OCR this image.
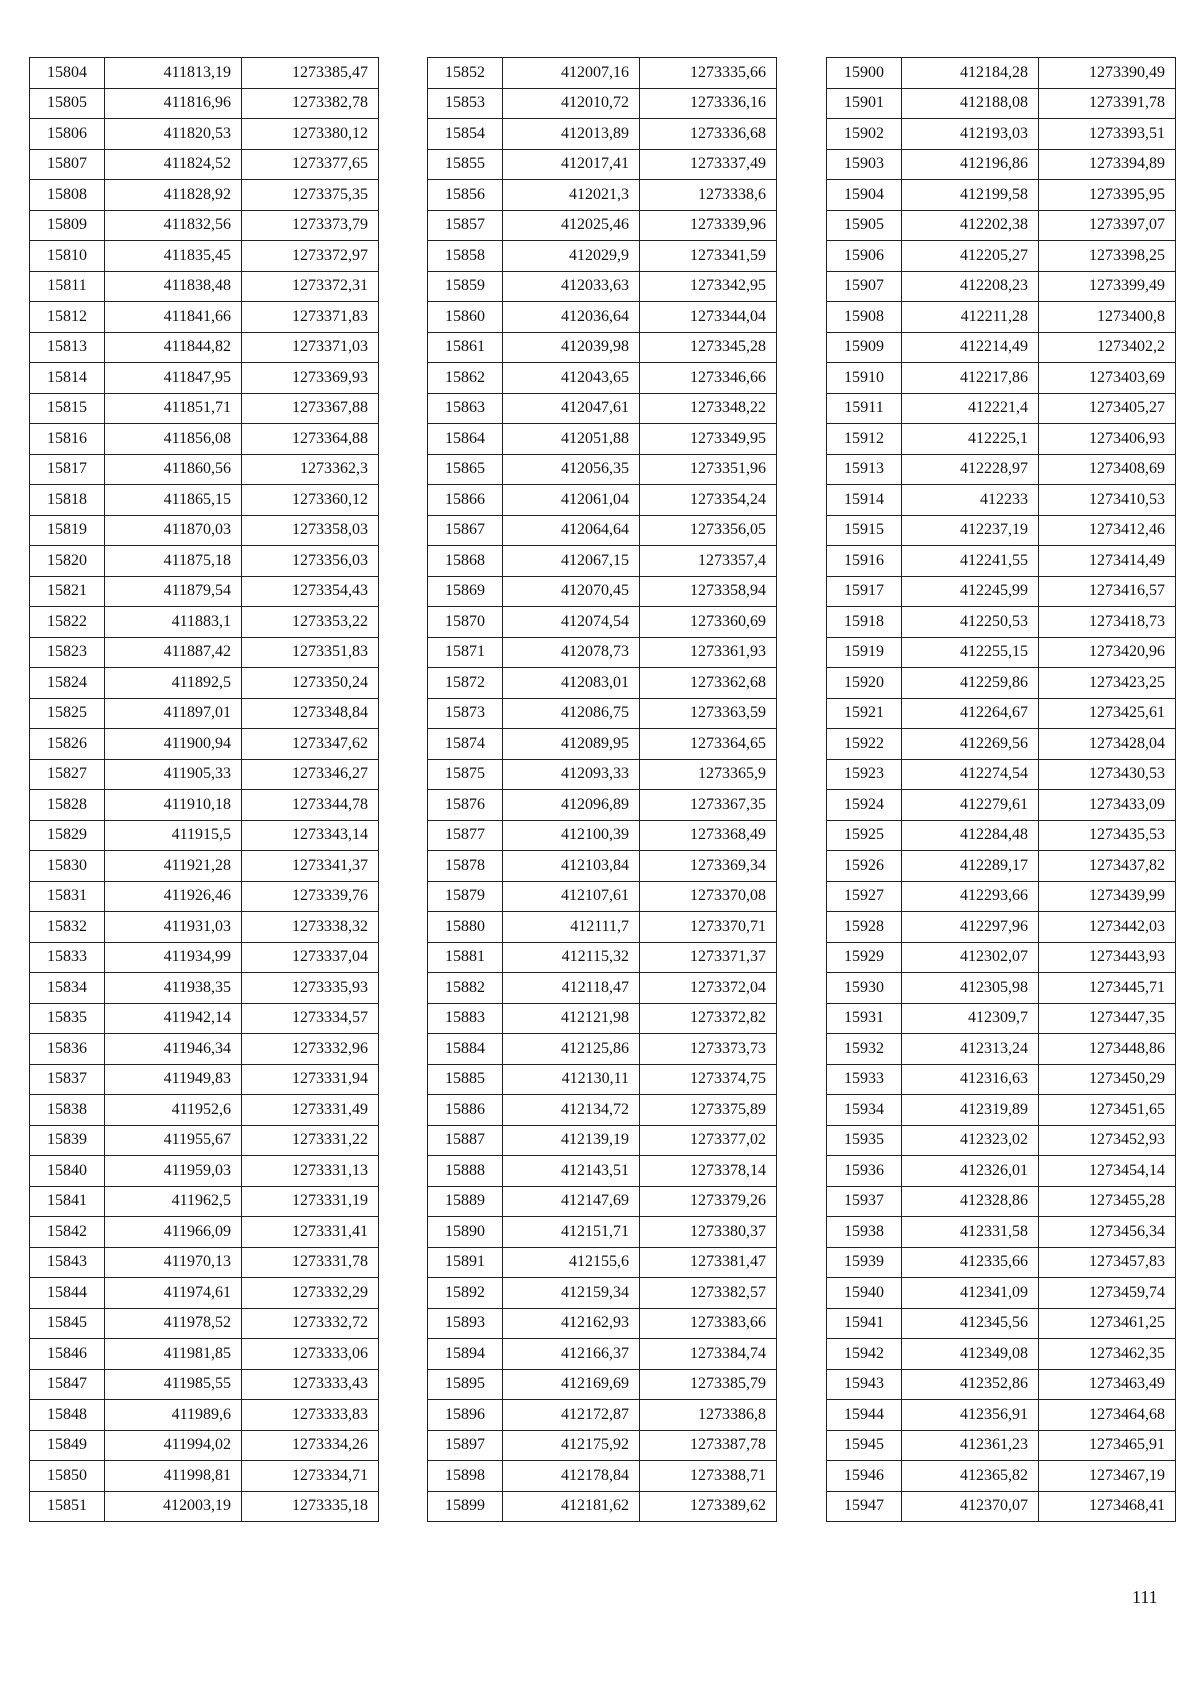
15804	411813,19	1273385,47
15805	411816,96	1273382,78
15806	411820,53	1273380,12
15807	411824,52	1273377,65
15808	411828,92	1273375,35
15809	411832,56	1273373,79
15810	411835,45	1273372,97
15811	411838,48	1273372,31
15812	411841,66	1273371,83
15813	411844,82	1273371,03
15814	411847,95	1273369,93
15815	411851,71	1273367,88
15816	411856,08	1273364,88
15817	411860,56	1273362,3
15818	411865,15	1273360,12
15819	411870,03	1273358,03
15820	411875,18	1273356,03
15821	411879,54	1273354,43
15822	411883,1	1273353,22
15823	411887,42	1273351,83
15824	411892,5	1273350,24
15825	411897,01	1273348,84
15826	411900,94	1273347,62
15827	411905,33	1273346,27
15828	411910,18	1273344,78
15829	411915,5	1273343,14
15830	411921,28	1273341,37
15831	411926,46	1273339,76
15832	411931,03	1273338,32
15833	411934,99	1273337,04
15834	411938,35	1273335,93
15835	411942,14	1273334,57
15836	411946,34	1273332,96
15837	411949,83	1273331,94
15838	411952,6	1273331,49
15839	411955,67	1273331,22
15840	411959,03	1273331,13
15841	411962,5	1273331,19
15842	411966,09	1273331,41
15843	411970,13	1273331,78
15844	411974,61	1273332,29
15845	411978,52	1273332,72
15846	411981,85	1273333,06
15847	411985,55	1273333,43
15848	411989,6	1273333,83
15849	411994,02	1273334,26
15850	411998,81	1273334,71
15851	412003,19	1273335,18
15852	412007,16	1273335,66
15853	412010,72	1273336,16
15854	412013,89	1273336,68
15855	412017,41	1273337,49
15856	412021,3	1273338,6
15857	412025,46	1273339,96
15858	412029,9	1273341,59
15859	412033,63	1273342,95
15860	412036,64	1273344,04
15861	412039,98	1273345,28
15862	412043,65	1273346,66
15863	412047,61	1273348,22
15864	412051,88	1273349,95
15865	412056,35	1273351,96
15866	412061,04	1273354,24
15867	412064,64	1273356,05
15868	412067,15	1273357,4
15869	412070,45	1273358,94
15870	412074,54	1273360,69
15871	412078,73	1273361,93
15872	412083,01	1273362,68
15873	412086,75	1273363,59
15874	412089,95	1273364,65
15875	412093,33	1273365,9
15876	412096,89	1273367,35
15877	412100,39	1273368,49
15878	412103,84	1273369,34
15879	412107,61	1273370,08
15880	412111,7	1273370,71
15881	412115,32	1273371,37
15882	412118,47	1273372,04
15883	412121,98	1273372,82
15884	412125,86	1273373,73
15885	412130,11	1273374,75
15886	412134,72	1273375,89
15887	412139,19	1273377,02
15888	412143,51	1273378,14
15889	412147,69	1273379,26
15890	412151,71	1273380,37
15891	412155,6	1273381,47
15892	412159,34	1273382,57
15893	412162,93	1273383,66
15894	412166,37	1273384,74
15895	412169,69	1273385,79
15896	412172,87	1273386,8
15897	412175,92	1273387,78
15898	412178,84	1273388,71
15899	412181,62	1273389,62
15900	412184,28	1273390,49
15901	412188,08	1273391,78
15902	412193,03	1273393,51
15903	412196,86	1273394,89
15904	412199,58	1273395,95
15905	412202,38	1273397,07
15906	412205,27	1273398,25
15907	412208,23	1273399,49
15908	412211,28	1273400,8
15909	412214,49	1273402,2
15910	412217,86	1273403,69
15911	412221,4	1273405,27
15912	412225,1	1273406,93
15913	412228,97	1273408,69
15914	412233	1273410,53
15915	412237,19	1273412,46
15916	412241,55	1273414,49
15917	412245,99	1273416,57
15918	412250,53	1273418,73
15919	412255,15	1273420,96
15920	412259,86	1273423,25
15921	412264,67	1273425,61
15922	412269,56	1273428,04
15923	412274,54	1273430,53
15924	412279,61	1273433,09
15925	412284,48	1273435,53
15926	412289,17	1273437,82
15927	412293,66	1273439,99
15928	412297,96	1273442,03
15929	412302,07	1273443,93
15930	412305,98	1273445,71
15931	412309,7	1273447,35
15932	412313,24	1273448,86
15933	412316,63	1273450,29
15934	412319,89	1273451,65
15935	412323,02	1273452,93
15936	412326,01	1273454,14
15937	412328,86	1273455,28
15938	412331,58	1273456,34
15939	412335,66	1273457,83
15940	412341,09	1273459,74
15941	412345,56	1273461,25
15942	412349,08	1273462,35
15943	412352,86	1273463,49
15944	412356,91	1273464,68
15945	412361,23	1273465,91
15946	412365,82	1273467,19
15947	412370,07	1273468,41
111
